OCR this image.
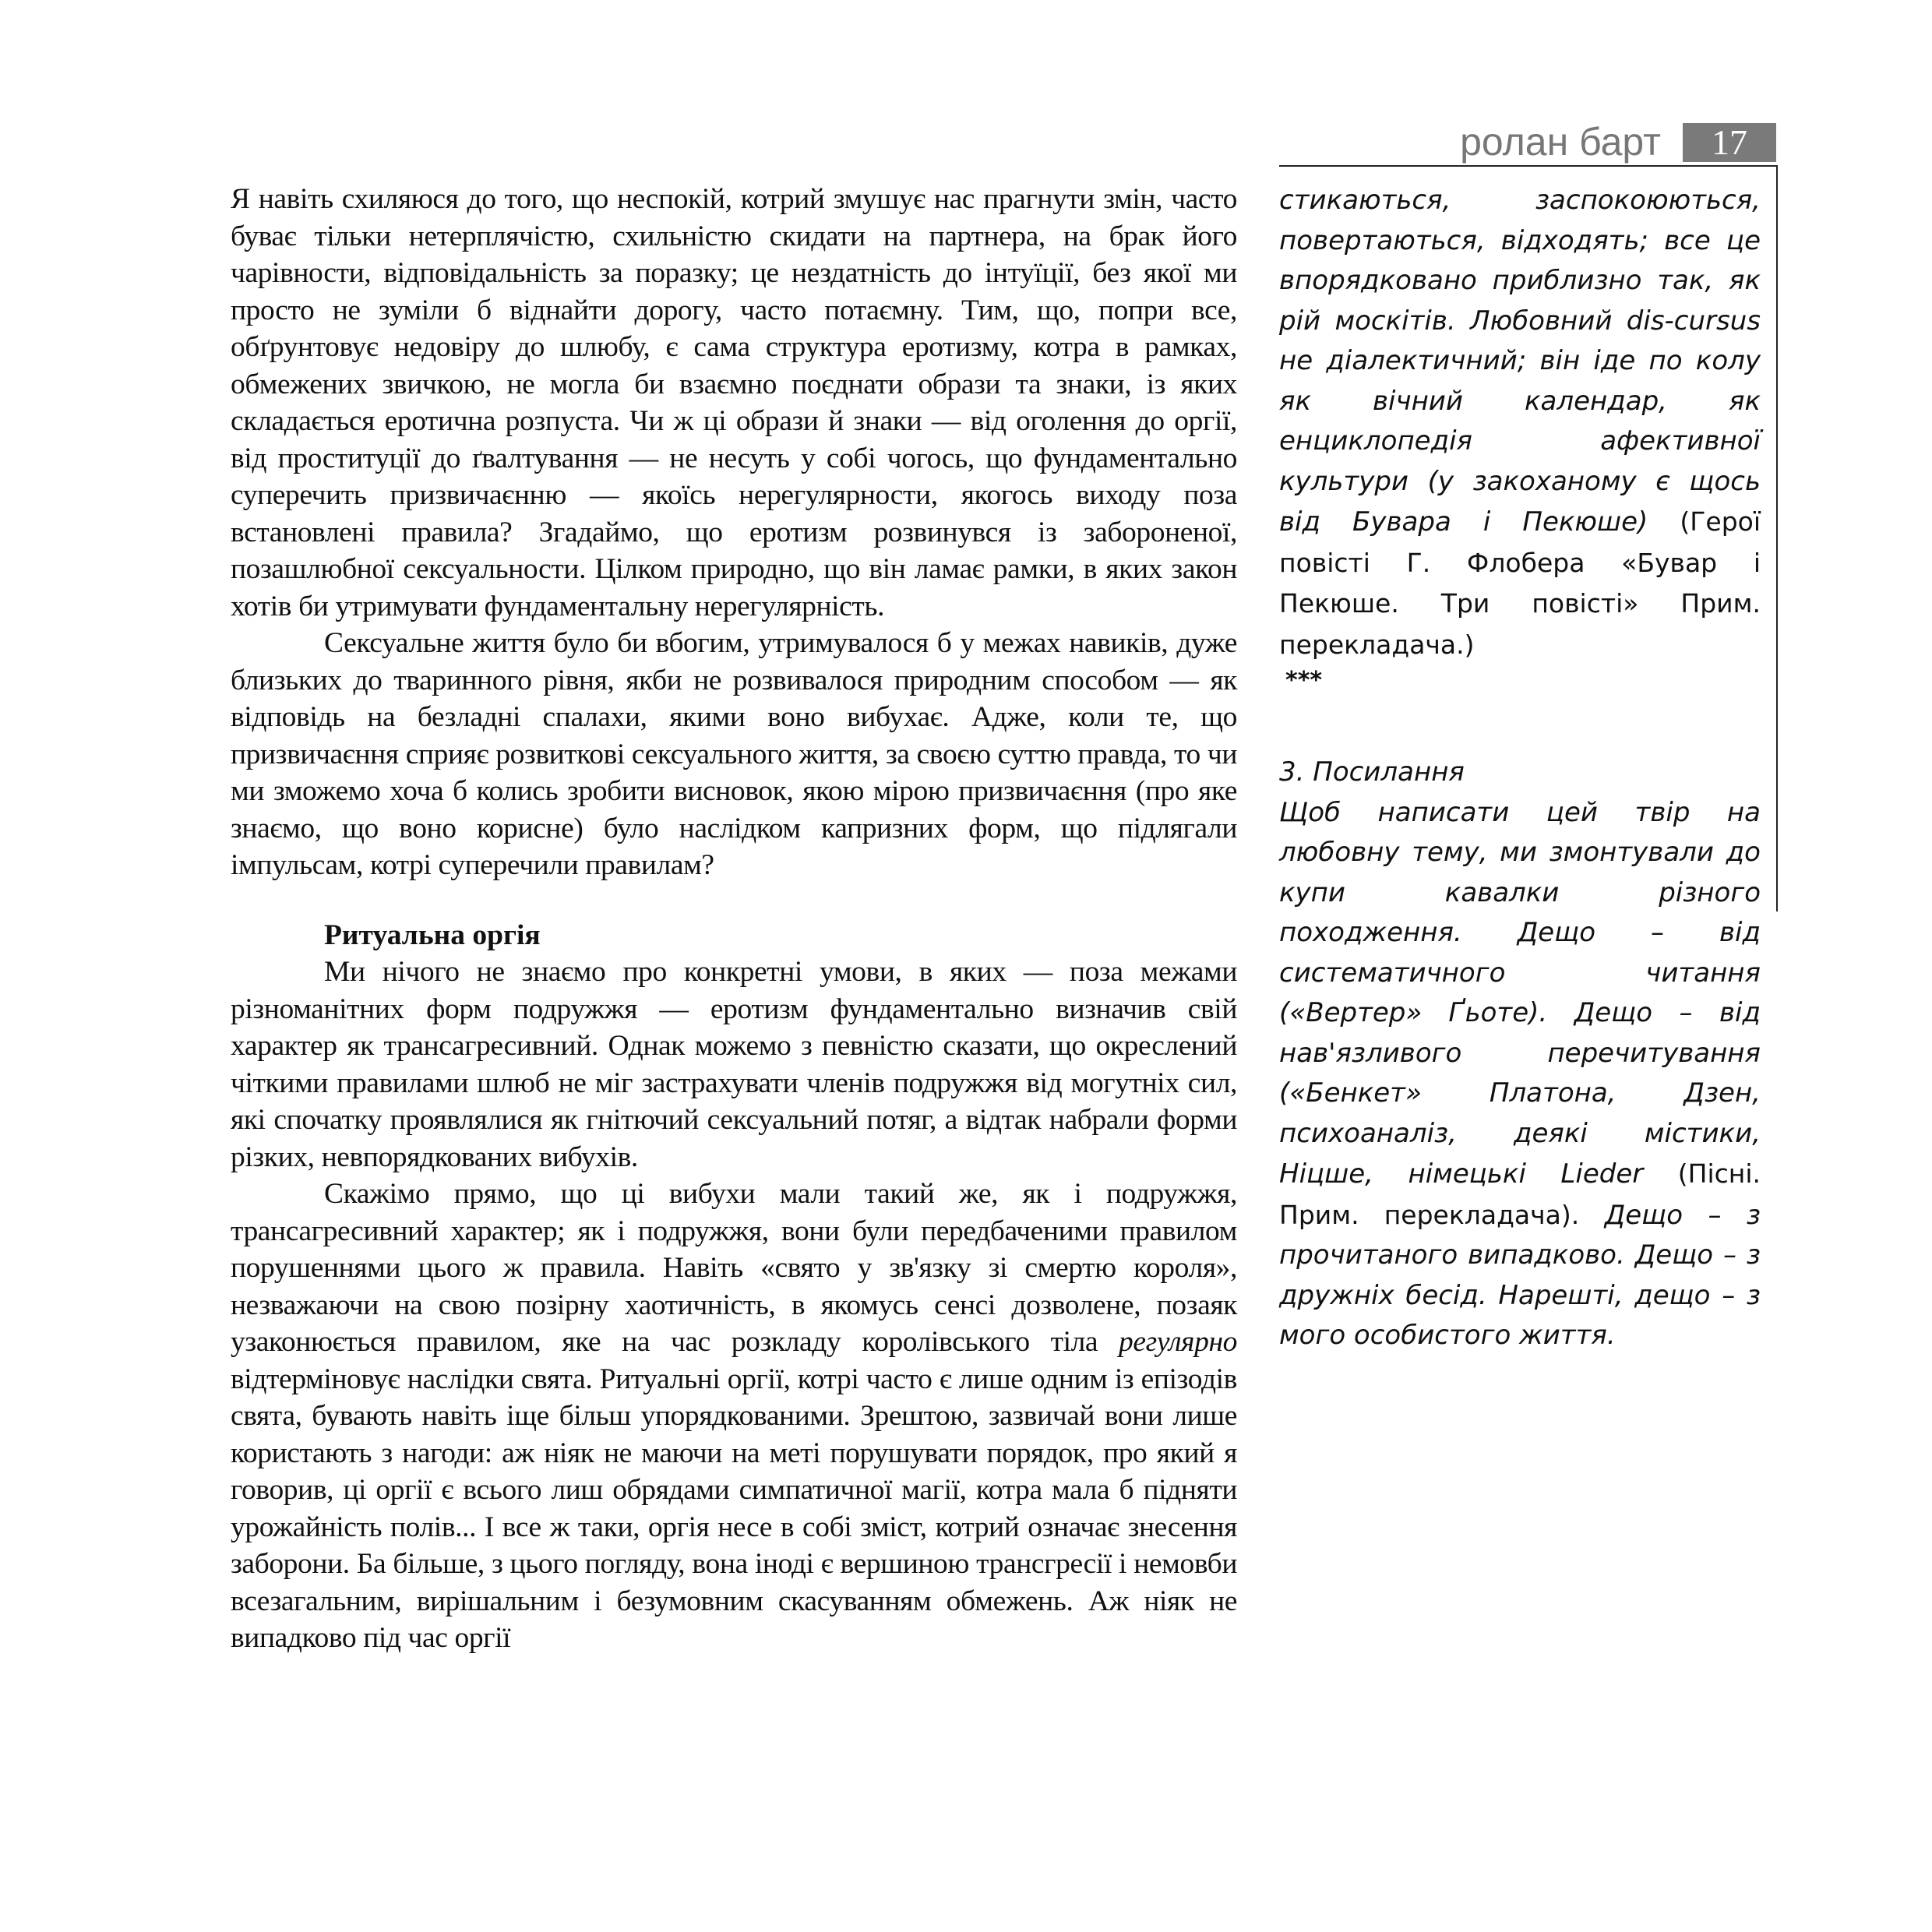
ролан барт	17

Я навіть схиляюся до того, що неспокій, котрий змушує нас прагнути змін, часто буває тільки нетерплячістю, схильністю скидати на партнера, на брак його чарівности, відповідальність за поразку; це нездатність до інтуїції, без якої ми просто не зуміли б віднайти дорогу, часто потаємну. Тим, що, попри все, обґрунтовує недовіру до шлюбу, є сама структура еротизму, котра в рамках, обмежених звичкою, не могла би взаємно поєднати образи та знаки, із яких складається еротична розпуста. Чи ж ці образи й знаки — від оголення до оргії, від проституції до ґвалтування — не несуть у собі чогось, що фундаментально суперечить призвичаєнню — якоїсь нерегулярности, якогось виходу поза встановлені правила? Згадаймо, що еротизм розвинувся із забороненої, позашлюбної сексуальности. Цілком природно, що він ламає рамки, в яких закон хотів би утримувати фундаментальну нерегулярність.

Сексуальне життя було би вбогим, утримувалося б у межах навиків, дуже близьких до тваринного рівня, якби не розвивалося природним способом — як відповідь на безладні спалахи, якими воно вибухає. Адже, коли те, що призвичаєння сприяє розвиткові сексуального життя, за своєю суттю правда, то чи ми зможемо хоча б колись зробити висновок, якою мірою призвичаєння (про яке знаємо, що воно корисне) було наслідком капризних форм, що підлягали імпульсам, котрі суперечили правилам?

Ритуальна оргія

Ми нічого не знаємо про конкретні умови, в яких — поза межами різноманітних форм подружжя — еротизм фундаментально визначив свій характер як трансагресивний. Однак можемо з певністю сказати, що окреслений чіткими правилами шлюб не міг застрахувати членів подружжя від могутніх сил, які спочатку проявлялися як гнітючий сексуальний потяг, а відтак набрали форми різких, невпорядкованих вибухів.

Скажімо прямо, що ці вибухи мали такий же, як і подружжя, трансагресивний характер; як і подружжя, вони були передбаченими правилом порушеннями цього ж правила. Навіть «свято у зв'язку зі смертю короля», незважаючи на свою позірну хаотичність, в якомусь сенсі дозволене, позаяк узаконюється правилом, яке на час розкладу королівського тіла регулярно відтерміновує наслідки свята. Ритуальні оргії, котрі часто є лише одним із епізодів свята, бувають навіть іще більш упорядкованими. Зрештою, зазвичай вони лише користають з нагоди: аж ніяк не маючи на меті порушувати порядок, про який я говорив, ці оргії є всього лиш обрядами симпатичної магії, котра мала б підняти урожайність полів... І все ж таки, оргія несе в собі зміст, котрий означає знесення заборони. Ба більше, з цього погляду, вона іноді є вершиною трансгресії і немовби всезагальним, вирішальним і безумовним скасуванням обмежень. Аж ніяк не випадково під час оргії

стикаються, заспокоюються, повертаються, відходять; все це впорядковано приблизно так, як рій москітів. Любовний dis-cursus не діалектичний; він іде по колу як вічний календар, як енциклопедія афективної культури (у закоханому є щось від Бувара і Пекюше) (Герої повісті Г. Флобера «Бувар і Пекюше. Три повісті» Прим. перекладача.)

***
3. Посилання

Щоб написати цей твір на любовну тему, ми змонтували до купи кавалки різного походження. Дещо – від систематичного читання («Вертер» Ґьоте). Дещо – від нав'язливого перечитування («Бенкет» Платона, Дзен, психоаналіз, деякі містики, Ніцше, німецькі Lieder (Пісні. Прим. перекладача). Дещо – з прочитаного випадково. Дещо – з дружніх бесід. Нарешті, дещо – з мого особистого життя.
